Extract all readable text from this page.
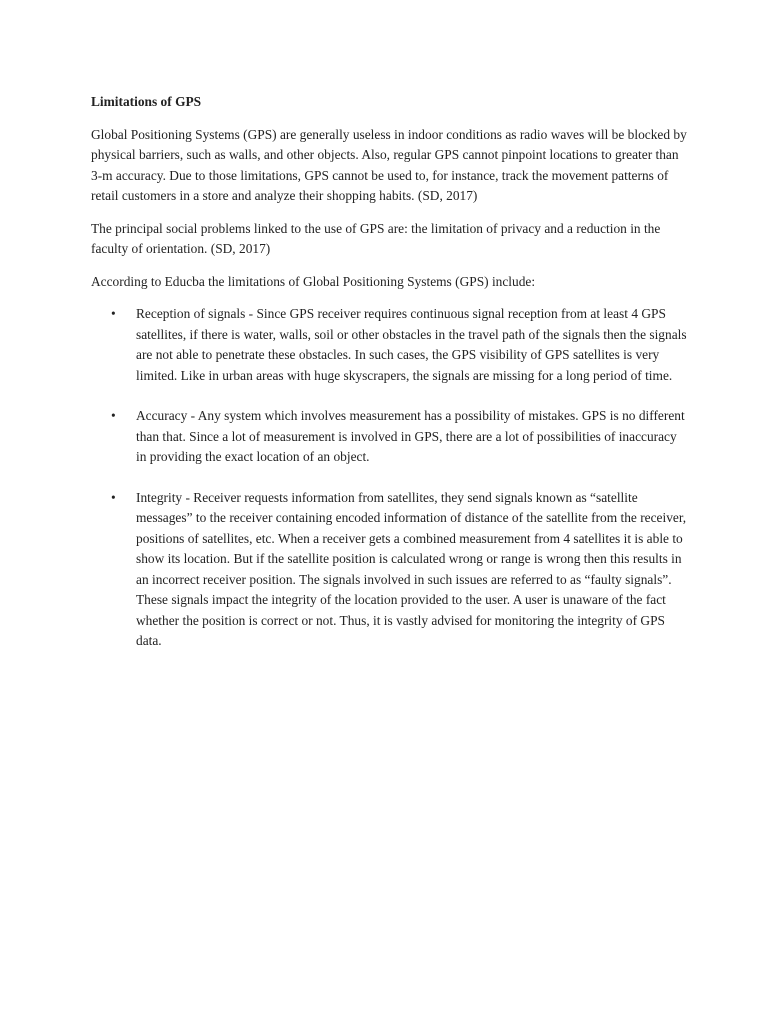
Limitations of GPS

Global Positioning Systems (GPS) are generally useless in indoor conditions as radio waves will be blocked by physical barriers, such as walls, and other objects. Also, regular GPS cannot pinpoint locations to greater than 3-m accuracy. Due to those limitations, GPS cannot be used to, for instance, track the movement patterns of retail customers in a store and analyze their shopping habits. (SD, 2017)

The principal social problems linked to the use of GPS are: the limitation of privacy and a reduction in the faculty of orientation. (SD, 2017)

According to Educba the limitations of Global Positioning Systems (GPS) include:

• Reception of signals - Since GPS receiver requires continuous signal reception from at least 4 GPS satellites, if there is water, walls, soil or other obstacles in the travel path of the signals then the signals are not able to penetrate these obstacles. In such cases, the GPS visibility of GPS satellites is very limited. Like in urban areas with huge skyscrapers, the signals are missing for a long period of time.
• Accuracy - Any system which involves measurement has a possibility of mistakes. GPS is no different than that. Since a lot of measurement is involved in GPS, there are a lot of possibilities of inaccuracy in providing the exact location of an object.
• Integrity - Receiver requests information from satellites, they send signals known as “satellite messages” to the receiver containing encoded information of distance of the satellite from the receiver, positions of satellites, etc. When a receiver gets a combined measurement from 4 satellites it is able to show its location. But if the satellite position is calculated wrong or range is wrong then this results in an incorrect receiver position. The signals involved in such issues are referred to as “faulty signals”. These signals impact the integrity of the location provided to the user. A user is unaware of the fact whether the position is correct or not. Thus, it is vastly advised for monitoring the integrity of GPS data.
